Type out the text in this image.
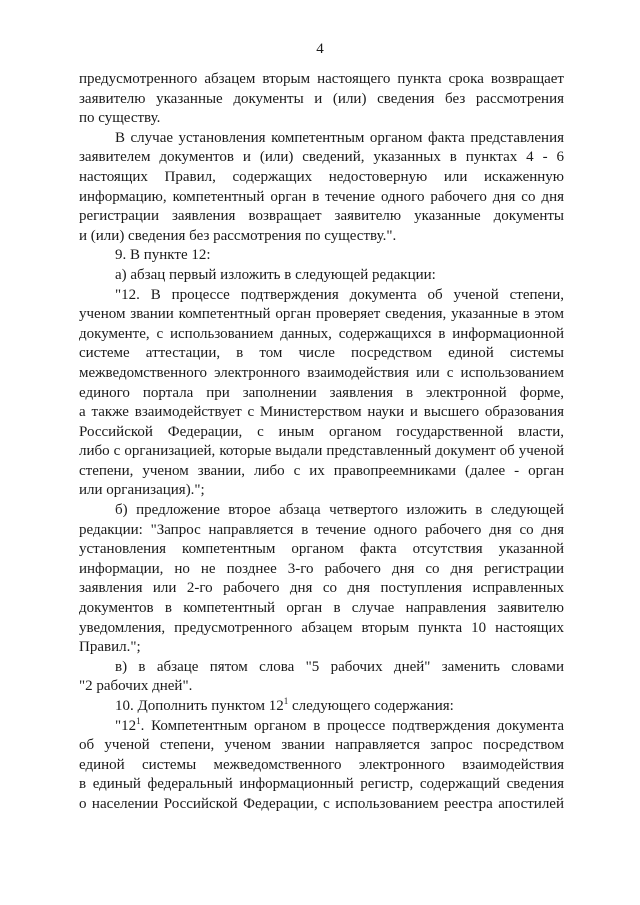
4
предусмотренного абзацем вторым настоящего пункта срока возвращает
заявителю указанные документы и (или) сведения без рассмотрения
по существу.
В случае установления компетентным органом факта представления
заявителем документов и (или) сведений, указанных в пунктах 4 - 6
настоящих Правил, содержащих недостоверную или искаженную
информацию, компетентный орган в течение одного рабочего дня со дня
регистрации заявления возвращает заявителю указанные документы
и (или) сведения без рассмотрения по существу.".
9. В пункте 12:
а) абзац первый изложить в следующей редакции:
"12. В процессе подтверждения документа об ученой степени,
ученом звании компетентный орган проверяет сведения, указанные в этом
документе, с использованием данных, содержащихся в информационной
системе аттестации, в том числе посредством единой системы
межведомственного электронного взаимодействия или с использованием
единого портала при заполнении заявления в электронной форме,
а также взаимодействует с Министерством науки и высшего образования
Российской Федерации, с иным органом государственной власти,
либо с организацией, которые выдали представленный документ об ученой
степени, ученом звании, либо с их правопреемниками (далее - орган
или организация).";
б) предложение второе абзаца четвертого изложить в следующей
редакции: "Запрос направляется в течение одного рабочего дня со дня
установления компетентным органом факта отсутствия указанной
информации, но не позднее 3-го рабочего дня со дня регистрации
заявления или 2-го рабочего дня со дня поступления исправленных
документов в компетентный орган в случае направления заявителю
уведомления, предусмотренного абзацем вторым пункта 10 настоящих
Правил.";
в) в абзаце пятом слова "5 рабочих дней" заменить словами
"2 рабочих дней".
10. Дополнить пунктом $12^1$ следующего содержания:
"$12^1$. Компетентным органом в процессе подтверждения документа
об ученой степени, ученом звании направляется запрос посредством
единой системы межведомственного электронного взаимодействия
в единый федеральный информационный регистр, содержащий сведения
о населении Российской Федерации, с использованием реестра апостилей
